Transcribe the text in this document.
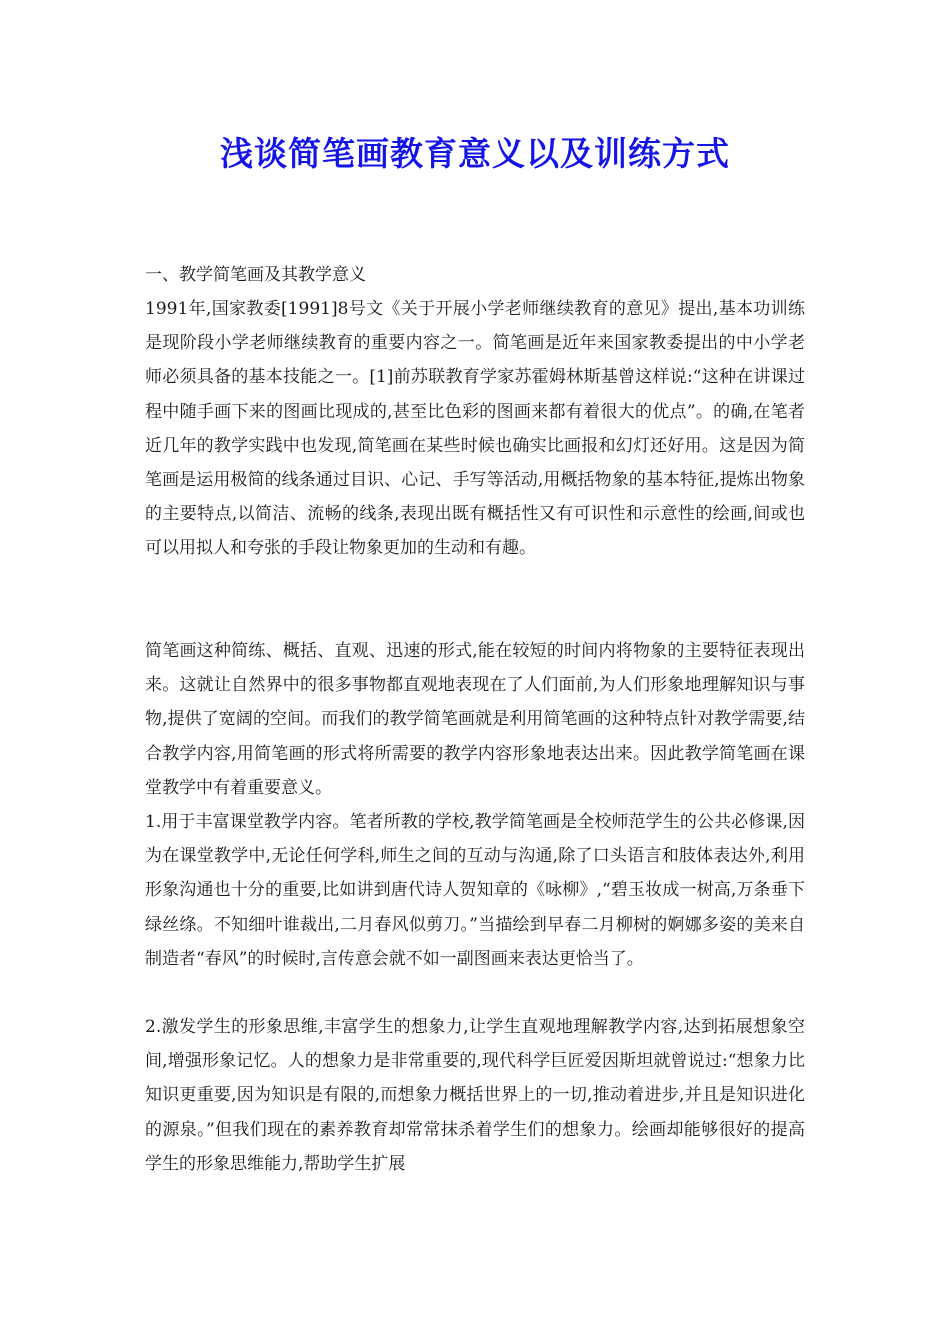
浅谈简笔画教育意义以及训练方式

一、教学简笔画及其教学意义

1991年,国家教委[1991]8号文《关于开展小学老师继续教育的意见》提出,基本功训练是现阶段小学老师继续教育的重要内容之一。简笔画是近年来国家教委提出的中小学老师必须具备的基本技能之一。[1]前苏联教育学家苏霍姆林斯基曾这样说:“这种在讲课过程中随手画下来的图画比现成的,甚至比色彩的图画来都有着很大的优点”。的确,在笔者近几年的教学实践中也发现,简笔画在某些时候也确实比画报和幻灯还好用。这是因为简笔画是运用极简的线条通过目识、心记、手写等活动,用概括物象的基本特征,提炼出物象的主要特点,以简洁、流畅的线条,表现出既有概括性又有可识性和示意性的绘画,间或也可以用拟人和夸张的手段让物象更加的生动和有趣。

简笔画这种简练、概括、直观、迅速的形式,能在较短的时间内将物象的主要特征表现出来。这就让自然界中的很多事物都直观地表现在了人们面前,为人们形象地理解知识与事物,提供了宽阔的空间。而我们的教学简笔画就是利用简笔画的这种特点针对教学需要,结合教学内容,用简笔画的形式将所需要的教学内容形象地表达出来。因此教学简笔画在课堂教学中有着重要意义。

1.用于丰富课堂教学内容。笔者所教的学校,教学简笔画是全校师范学生的公共必修课,因为在课堂教学中,无论任何学科,师生之间的互动与沟通,除了口头语言和肢体表达外,利用形象沟通也十分的重要,比如讲到唐代诗人贺知章的《咏柳》,“碧玉妆成一树高,万条垂下绿丝绦。不知细叶谁裁出,二月春风似剪刀。”当描绘到早春二月柳树的婀娜多姿的美来自制造者“春风”的时候时,言传意会就不如一副图画来表达更恰当了。

2.激发学生的形象思维,丰富学生的想象力,让学生直观地理解教学内容,达到拓展想象空间,增强形象记忆。人的想象力是非常重要的,现代科学巨匠爱因斯坦就曾说过:“想象力比知识更重要,因为知识是有限的,而想象力概括世界上的一切,推动着进步,并且是知识进化的源泉。”但我们现在的素养教育却常常抹杀着学生们的想象力。绘画却能够很好的提高学生的形象思维能力,帮助学生扩展
